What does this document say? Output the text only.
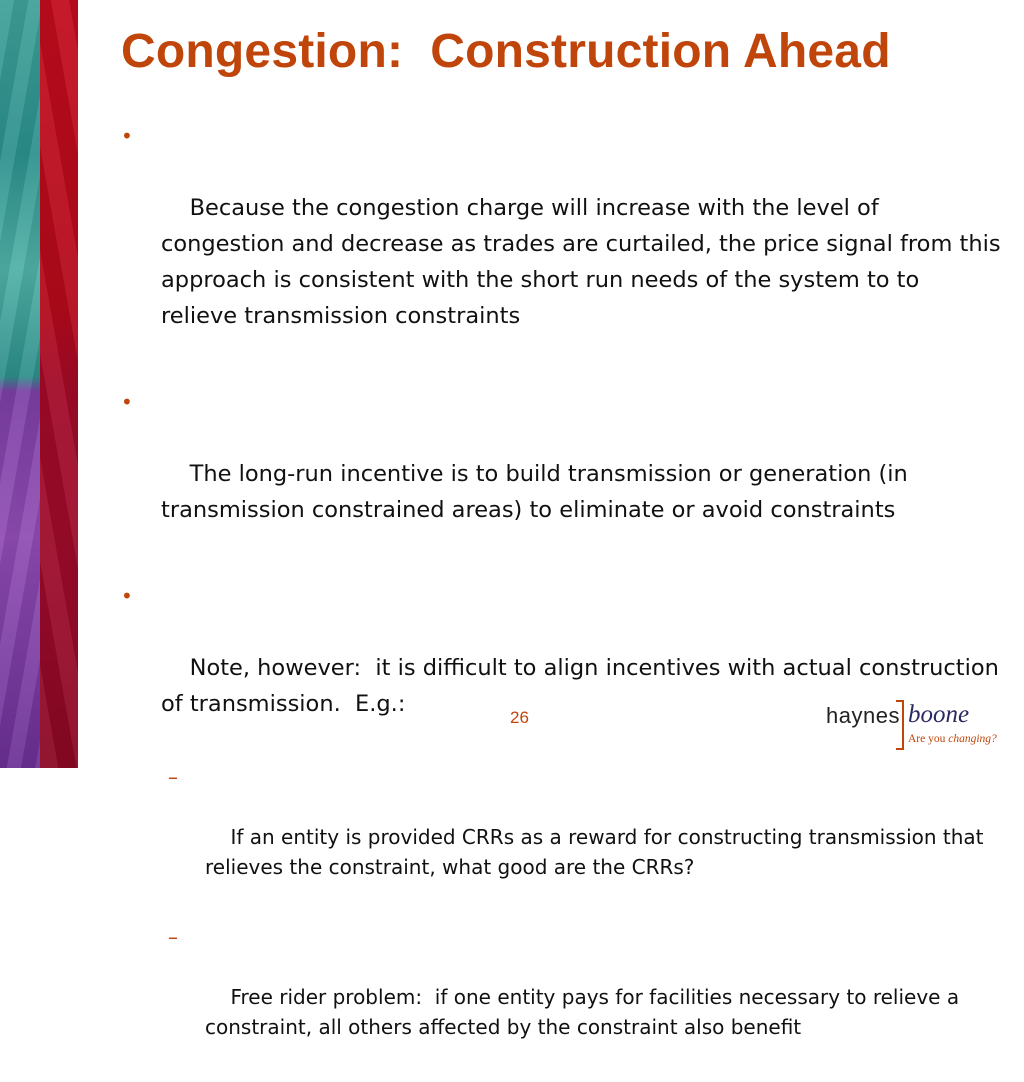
Congestion:  Construction Ahead

•

Because the congestion charge will increase with the level of congestion and decrease as trades are curtailed, the price signal from this approach is consistent with the short run needs of the system to to relieve transmission constraints

•

The long-run incentive is to build transmission or generation (in transmission constrained areas) to eliminate or avoid constraints

•

Note, however:  it is difficult to align incentives with actual construction of transmission.  E.g.:

–

If an entity is provided CRRs as a reward for constructing transmission that relieves the constraint, what good are the CRRs?

–

Free rider problem:  if one entity pays for facilities necessary to relieve a constraint, all others affected by the constraint also benefit

26	haynes boone
Are you changing?
